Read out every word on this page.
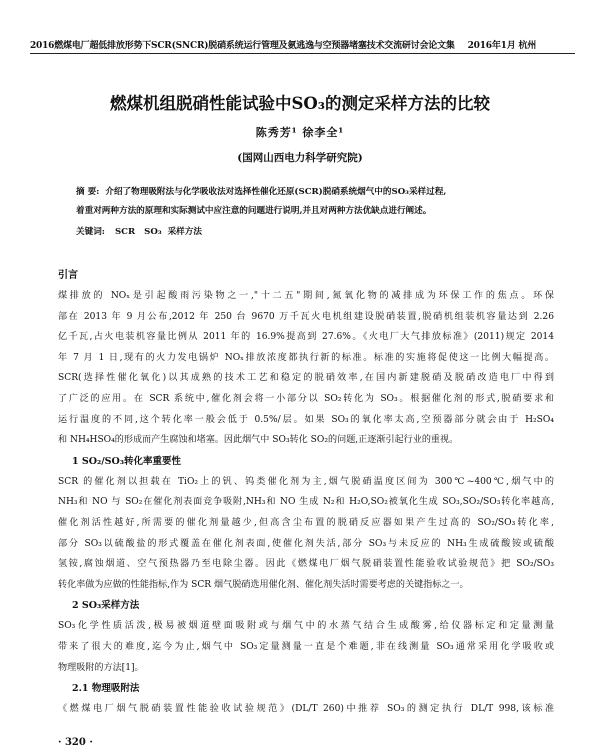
2016燃煤电厂超低排放形势下SCR(SNCR)脱硝系统运行管理及氨逃逸与空预器堵塞技术交流研讨会论文集 2016年1月 杭州
燃煤机组脱硝性能试验中SO₃的测定采样方法的比较
陈秀芳¹ 徐李全¹
(国网山西电力科学研究院)
摘 要: 介绍了物理吸附法与化学吸收法对选择性催化还原(SCR)脱硝系统烟气中的SO₃采样过程,
着重对两种方法的原理和实际测试中应注意的问题进行说明,并且对两种方法优缺点进行阐述。
关键词: SCR   SO₃  采样方法
引言

煤排放的 NOₓ是引起酸雨污染物之一,"十二五"期间,氮氧化物的减排成为环保工作的焦点。环保

部在 2013 年 9 月公布,2012 年 250 台 9670 万千瓦火电机组建设脱硝装置,脱硝机组装机容量达到 2.26

亿千瓦,占火电装机容量比例从 2011 年的 16.9%提高到 27.6%。《火电厂大气排放标准》(2011)规定 2014

年 7 月 1 日,现有的火力发电锅炉 NOₓ排放浓度都执行新的标准。标准的实施将促使这一比例大幅提高。

SCR(选择性催化氧化)以其成熟的技术工艺和稳定的脱硝效率,在国内新建脱硝及脱硝改造电厂中得到

了广泛的应用。在 SCR 系统中,催化剂会将一小部分以 SO₂转化为 SO₃。根据催化剂的形式,脱硝要求和

运行温度的不同,这个转化率一般会低于 0.5%/层。如果 SO₃的氧化率太高,空预器部分就会由于 H₂SO₄

和 NH₄HSO₄的形成而产生腐蚀和堵塞。因此烟气中 SO₃转化 SO₂的问题,正逐渐引起行业的重视。

1 SO₂/SO₃转化率重要性

SCR 的催化剂以担载在 TiO₂上的钒、钨类催化剂为主,烟气脱硝温度区间为 300℃~400℃,烟气中的

NH₃和 NO 与 SO₂在催化剂表面竞争吸附,NH₃和 NO 生成 N₂和 H₂O,SO₂被氧化生成 SO₃,SO₂/SO₃转化率越高,

催化剂活性越好,所需要的催化剂量越少,但高含尘布置的脱硝反应器如果产生过高的 SO₂/SO₃转化率,

部分 SO₃以硫酸盐的形式覆盖在催化剂表面,使催化剂失活,部分 SO₃与未反应的 NH₃生成硫酸铵或硫酸

氢铵,腐蚀烟道、空气预热器乃至电除尘器。因此《燃煤电厂烟气脱硝装置性能验收试验规范》把 SO₂/SO₃

转化率做为应做的性能指标,作为 SCR 烟气脱硝选用催化剂、催化剂失活时需要考虑的关键指标之一。

2 SO₃采样方法

SO₃化学性质活泼,极易被烟道壁面吸附或与烟气中的水蒸气结合生成酸雾,给仪器标定和定量测量

带来了很大的难度,迄今为止,烟气中 SO₃定量测量一直是个难题,非在线测量 SO₃通常采用化学吸收或

物理吸附的方法[1]。

2.1 物理吸附法

《燃煤电厂烟气脱硝装置性能验收试验规范》(DL/T 260)中推荐 SO₃的测定执行 DL/T 998,该标准

· 320 ·
